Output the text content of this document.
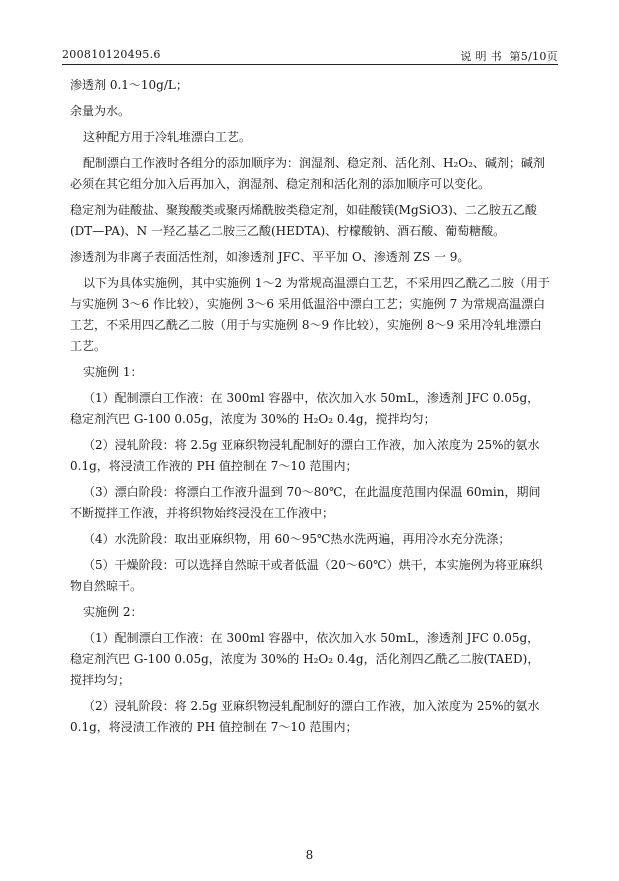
200810120495.6	说 明 书 第5/10页

渗透剂 0.1～10g/L；

余量为水。

这种配方用于冷轧堆漂白工艺。

配制漂白工作液时各组分的添加顺序为：润湿剂、稳定剂、活化剂、H₂O₂、碱剂；碱剂必须在其它组分加入后再加入，润湿剂、稳定剂和活化剂的添加顺序可以变化。

稳定剂为硅酸盐、聚羧酸类或聚丙烯酰胺类稳定剂，如硅酸镁(MgSiO3)、二乙胺五乙酸(DT—PA)、N 一羟乙基乙二胺三乙酸(HEDTA)、柠檬酸钠、酒石酸、葡萄糖酸。

渗透剂为非离子表面活性剂，如渗透剂 JFC、平平加 O、渗透剂 ZS 一 9。

以下为具体实施例，其中实施例 1～2 为常规高温漂白工艺，不采用四乙酰乙二胺（用于与实施例 3～6 作比较），实施例 3～6 采用低温浴中漂白工艺；实施例 7 为常规高温漂白工艺，不采用四乙酰乙二胺（用于与实施例 8～9 作比较），实施例 8～9 采用冷轧堆漂白工艺。

实施例 1：

（1）配制漂白工作液：在 300ml 容器中，依次加入水 50mL，渗透剂 JFC 0.05g，稳定剂汽巴 G-100 0.05g，浓度为 30%的 H₂O₂ 0.4g，搅拌均匀；

（2）浸轧阶段：将 2.5g 亚麻织物浸轧配制好的漂白工作液，加入浓度为 25%的氨水 0.1g，将浸渍工作液的 PH 值控制在 7～10 范围内；

（3）漂白阶段：将漂白工作液升温到 70～80℃，在此温度范围内保温 60min，期间不断搅拌工作液，并将织物始终浸没在工作液中；

（4）水洗阶段：取出亚麻织物，用 60～95℃热水洗两遍，再用冷水充分洗涤；

（5）干燥阶段：可以选择自然晾干或者低温（20～60℃）烘干，本实施例为将亚麻织物自然晾干。

实施例 2：

（1）配制漂白工作液：在 300ml 容器中，依次加入水 50mL，渗透剂 JFC 0.05g，稳定剂汽巴 G-100 0.05g，浓度为 30%的 H₂O₂ 0.4g，活化剂四乙酰乙二胺(TAED)，搅拌均匀；

（2）浸轧阶段：将 2.5g 亚麻织物浸轧配制好的漂白工作液，加入浓度为 25%的氨水 0.1g，将浸渍工作液的 PH 值控制在 7～10 范围内；

8
